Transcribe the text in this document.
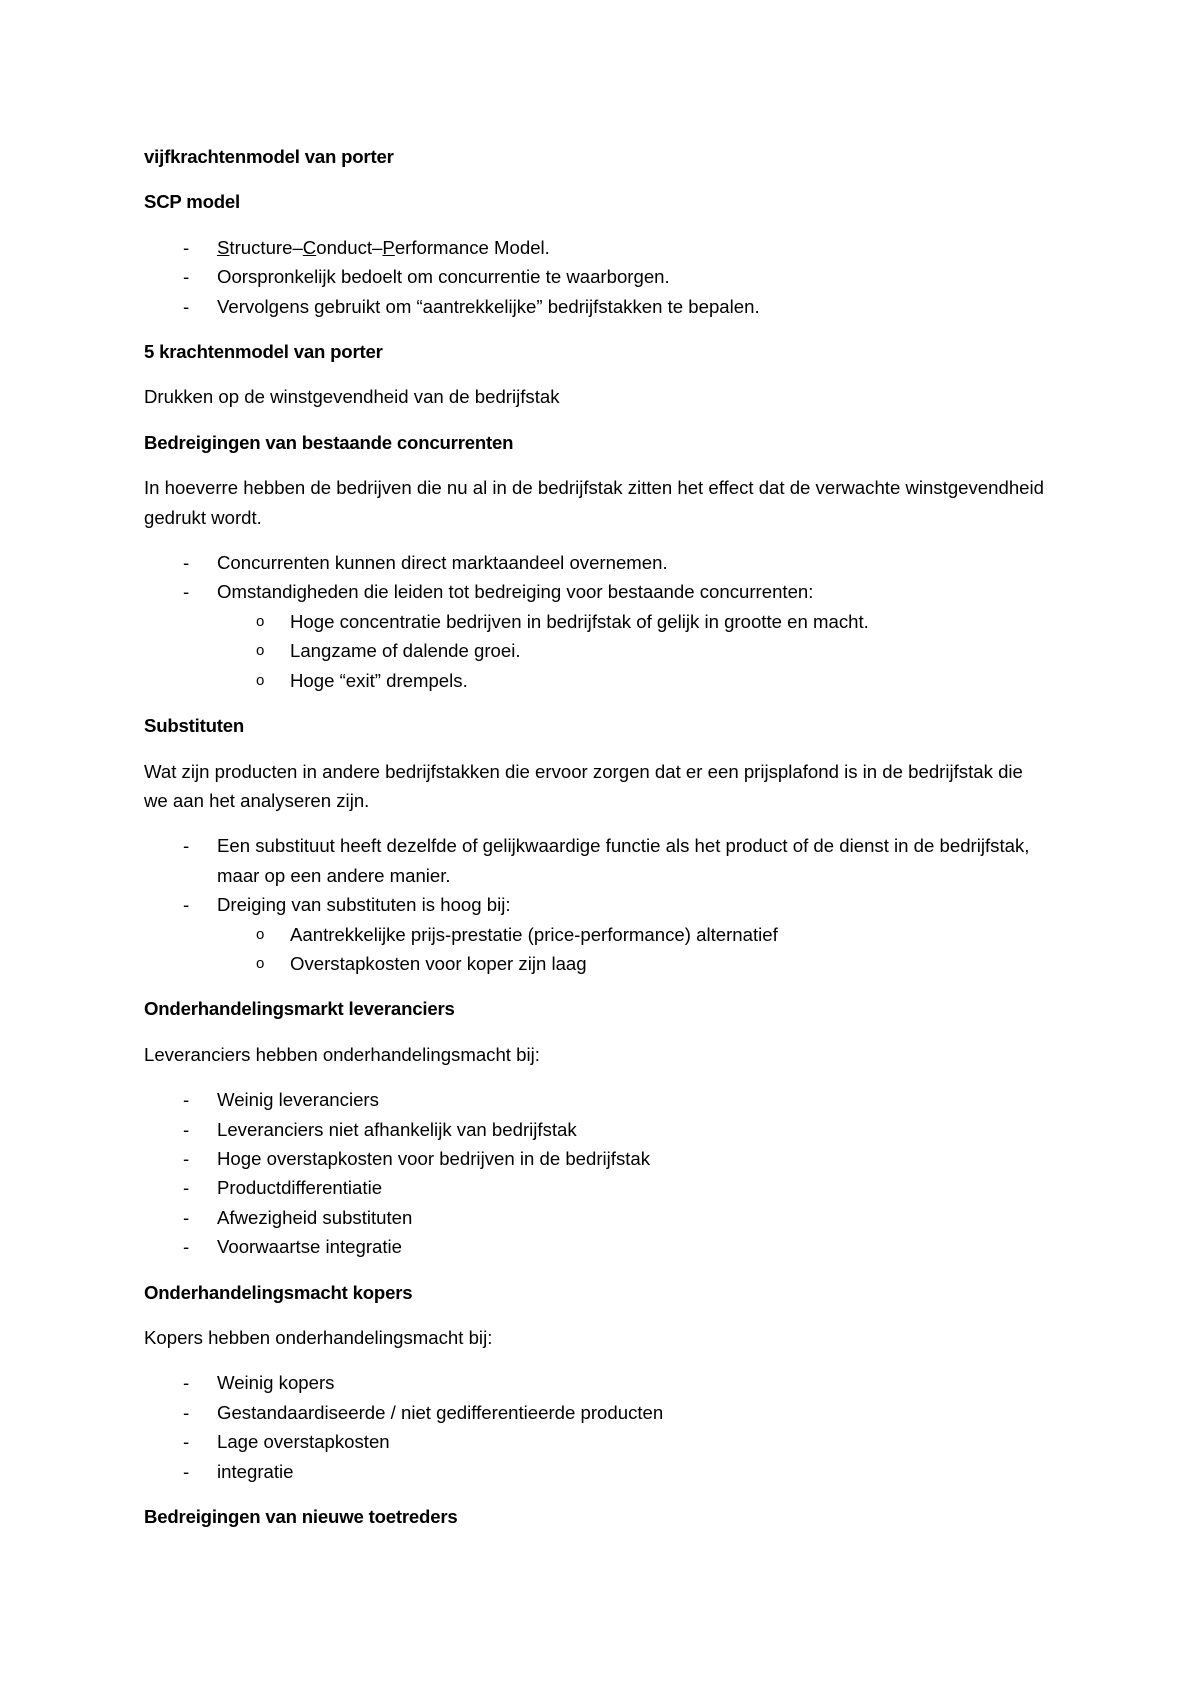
vijfkrachtenmodel van porter
SCP model
- Structure–Conduct–Performance Model.
- Oorspronkelijk bedoelt om concurrentie te waarborgen.
- Vervolgens gebruikt om “aantrekkelijke” bedrijfstakken te bepalen.
5 krachtenmodel van porter
Drukken op de winstgevendheid van de bedrijfstak
Bedreigingen van bestaande concurrenten
In hoeverre hebben de bedrijven die nu al in de bedrijfstak zitten het effect dat de verwachte winstgevendheid gedrukt wordt.
- Concurrenten kunnen direct marktaandeel overnemen.
- Omstandigheden die leiden tot bedreiging voor bestaande concurrenten:
o Hoge concentratie bedrijven in bedrijfstak of gelijk in grootte en macht.
o Langzame of dalende groei.
o Hoge “exit” drempels.
Substituten
Wat zijn producten in andere bedrijfstakken die ervoor zorgen dat er een prijsplafond is in de bedrijfstak die we aan het analyseren zijn.
- Een substituut heeft dezelfde of gelijkwaardige functie als het product of de dienst in de bedrijfstak, maar op een andere manier.
- Dreiging van substituten is hoog bij:
o Aantrekkelijke prijs-prestatie (price-performance) alternatief
o Overstapkosten voor koper zijn laag
Onderhandelingsmarkt leveranciers
Leveranciers hebben onderhandelingsmacht bij:
- Weinig leveranciers
- Leveranciers niet afhankelijk van bedrijfstak
- Hoge overstapkosten voor bedrijven in de bedrijfstak
- Productdifferentiatie
- Afwezigheid substituten
- Voorwaartse integratie
Onderhandelingsmacht kopers
Kopers hebben onderhandelingsmacht bij:
- Weinig kopers
- Gestandaardiseerde / niet gedifferentieerde producten
- Lage overstapkosten
- integratie
Bedreigingen van nieuwe toetreders
